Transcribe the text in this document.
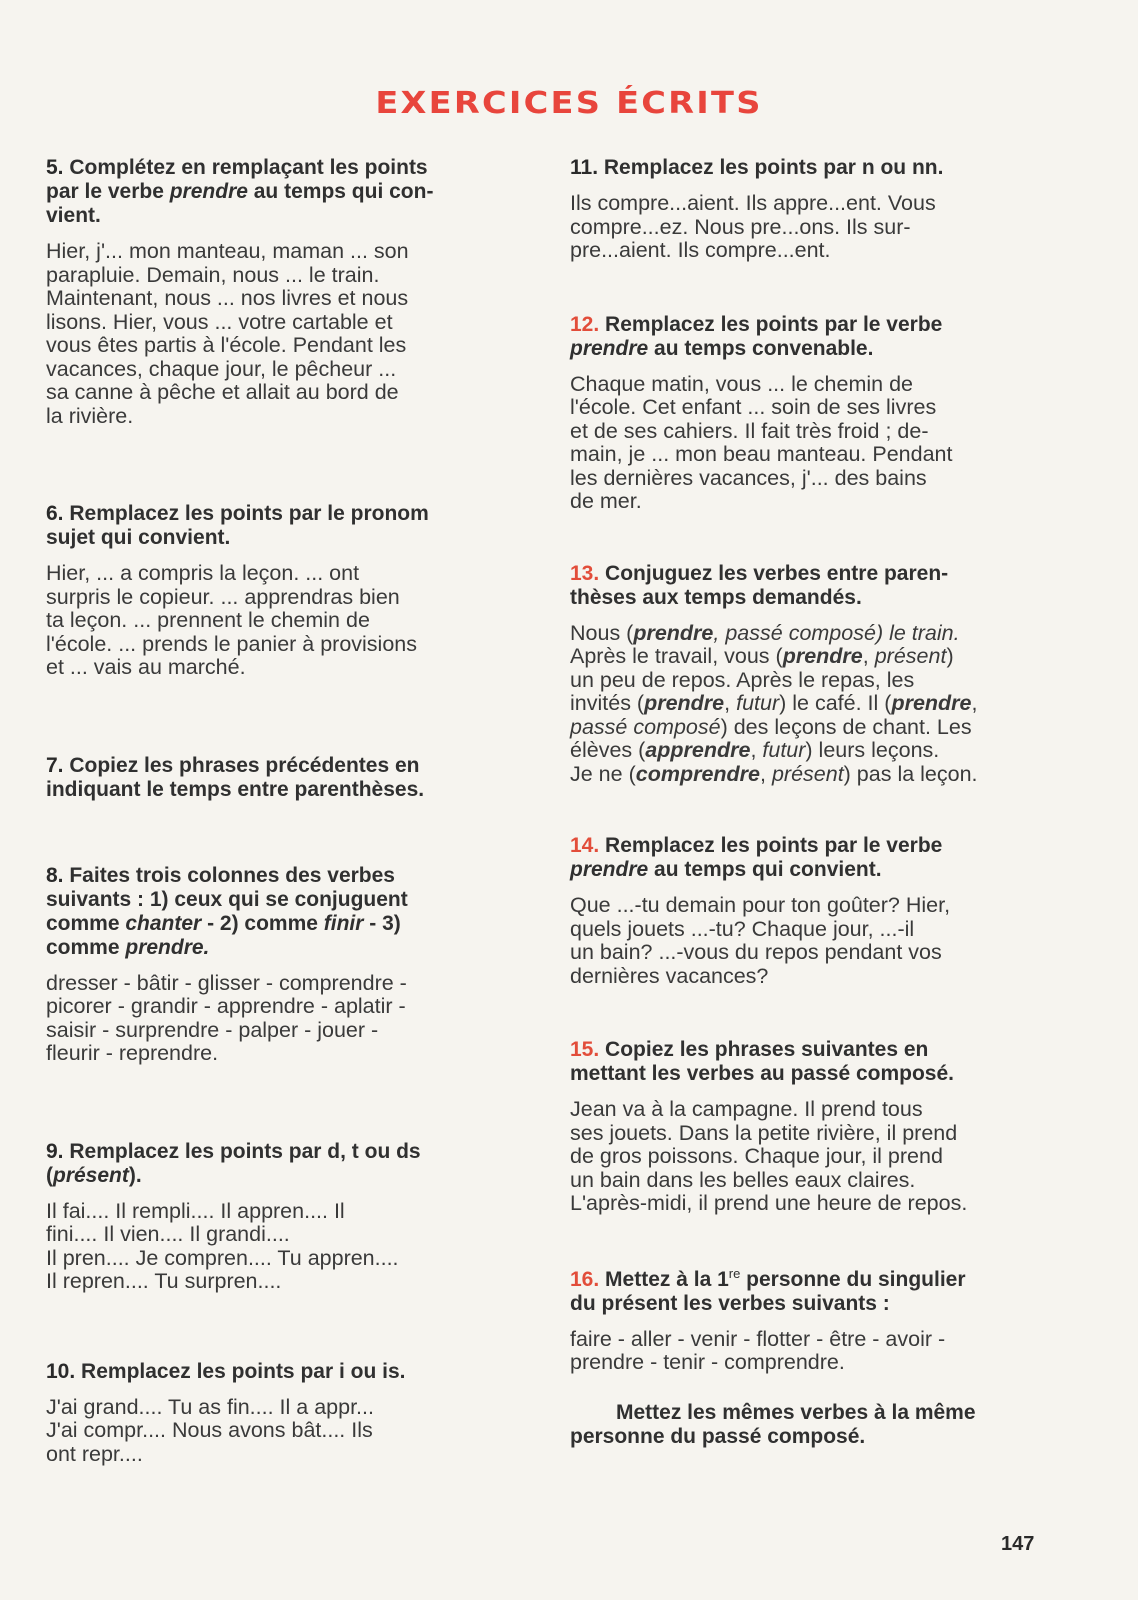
EXERCICES ÉCRITS
5. Complétez en remplaçant les points
par le verbe prendre au temps qui con-
vient.
Hier, j'... mon manteau, maman ... son
parapluie. Demain, nous ... le train.
Maintenant, nous ... nos livres et nous
lisons. Hier, vous ... votre cartable et
vous êtes partis à l'école. Pendant les
vacances, chaque jour, le pêcheur ...
sa canne à pêche et allait au bord de
la rivière.
6. Remplacez les points par le pronom
sujet qui convient.
Hier, ... a compris la leçon. ... ont
surpris le copieur. ... apprendras bien
ta leçon. ... prennent le chemin de
l'école. ... prends le panier à provisions
et ... vais au marché.
7. Copiez les phrases précédentes en
indiquant le temps entre parenthèses.
8. Faites trois colonnes des verbes
suivants : 1) ceux qui se conjuguent
comme chanter - 2) comme finir - 3)
comme prendre.
dresser - bâtir - glisser - comprendre -
picorer - grandir - apprendre - aplatir -
saisir - surprendre - palper - jouer -
fleurir - reprendre.
9. Remplacez les points par d, t ou ds
(présent).
Il fai.... Il rempli.... Il appren.... Il
fini.... Il vien.... Il grandi....
Il pren.... Je compren.... Tu appren....
Il repren.... Tu surpren....
10. Remplacez les points par i ou is.
J'ai grand.... Tu as fin.... Il a appr...
J'ai compr.... Nous avons bât.... Ils
ont repr....
11. Remplacez les points par n ou nn.
Ils compre...aient. Ils appre...ent. Vous
compre...ez. Nous pre...ons. Ils sur-
pre...aient. Ils compre...ent.
12. Remplacez les points par le verbe
prendre au temps convenable.
Chaque matin, vous ... le chemin de
l'école. Cet enfant ... soin de ses livres
et de ses cahiers. Il fait très froid ; de-
main, je ... mon beau manteau. Pendant
les dernières vacances, j'... des bains
de mer.
13. Conjuguez les verbes entre paren-
thèses aux temps demandés.
Nous (prendre, passé composé) le train.
Après le travail, vous (prendre, présent)
un peu de repos. Après le repas, les
invités (prendre, futur) le café. Il (prendre,
passé composé) des leçons de chant. Les
élèves (apprendre, futur) leurs leçons.
Je ne (comprendre, présent) pas la leçon.
14. Remplacez les points par le verbe
prendre au temps qui convient.
Que ...-tu demain pour ton goûter? Hier,
quels jouets ...-tu? Chaque jour, ...-il
un bain? ...-vous du repos pendant vos
dernières vacances?
15. Copiez les phrases suivantes en
mettant les verbes au passé composé.
Jean va à la campagne. Il prend tous
ses jouets. Dans la petite rivière, il prend
de gros poissons. Chaque jour, il prend
un bain dans les belles eaux claires.
L'après-midi, il prend une heure de repos.
16. Mettez à la 1re personne du singulier
du présent les verbes suivants :
faire - aller - venir - flotter - être - avoir -
prendre - tenir - comprendre.
Mettez les mêmes verbes à la même
personne du passé composé.
147
